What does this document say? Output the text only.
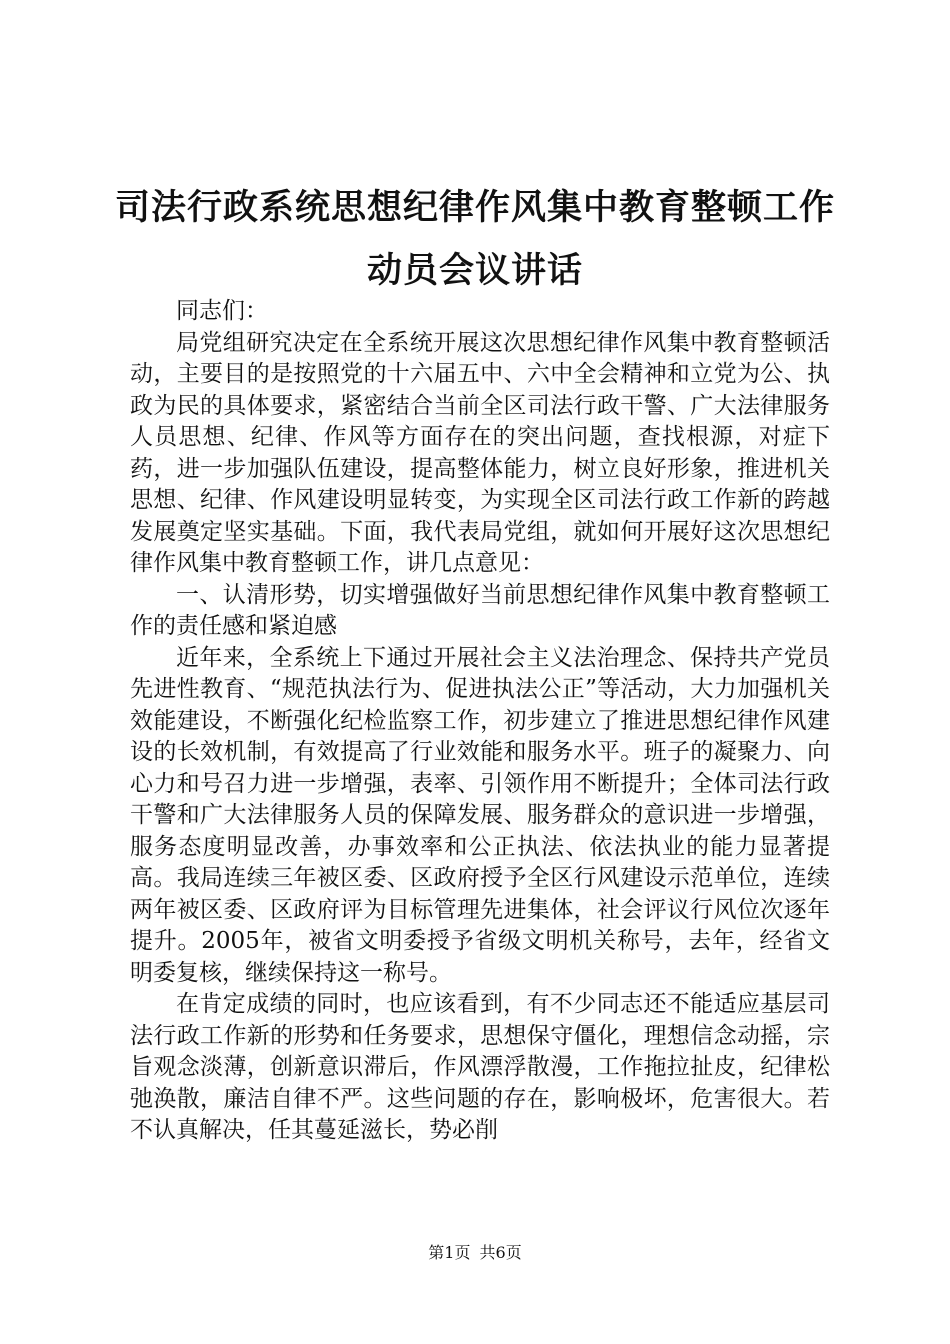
司法行政系统思想纪律作风集中教育整顿工作
动员会议讲话

同志们：

局党组研究决定在全系统开展这次思想纪律作风集中教育整顿活动，主要目的是按照党的十六届五中、六中全会精神和立党为公、执政为民的具体要求，紧密结合当前全区司法行政干警、广大法律服务人员思想、纪律、作风等方面存在的突出问题，查找根源，对症下药，进一步加强队伍建设，提高整体能力，树立良好形象，推进机关思想、纪律、作风建设明显转变，为实现全区司法行政工作新的跨越发展奠定坚实基础。下面，我代表局党组，就如何开展好这次思想纪律作风集中教育整顿工作，讲几点意见：

一、认清形势，切实增强做好当前思想纪律作风集中教育整顿工作的责任感和紧迫感

近年来，全系统上下通过开展社会主义法治理念、保持共产党员先进性教育、“规范执法行为、促进执法公正”等活动，大力加强机关效能建设，不断强化纪检监察工作，初步建立了推进思想纪律作风建设的长效机制，有效提高了行业效能和服务水平。班子的凝聚力、向心力和号召力进一步增强，表率、引领作用不断提升；全体司法行政干警和广大法律服务人员的保障发展、服务群众的意识进一步增强，服务态度明显改善，办事效率和公正执法、依法执业的能力显著提高。我局连续三年被区委、区政府授予全区行风建设示范单位，连续两年被区委、区政府评为目标管理先进集体，社会评议行风位次逐年提升。2005年，被省文明委授予省级文明机关称号，去年，经省文明委复核，继续保持这一称号。

在肯定成绩的同时，也应该看到，有不少同志还不能适应基层司法行政工作新的形势和任务要求，思想保守僵化，理想信念动摇，宗旨观念淡薄，创新意识滞后，作风漂浮散漫，工作拖拉扯皮，纪律松弛涣散，廉洁自律不严。这些问题的存在，影响极坏，危害很大。若不认真解决，任其蔓延滋长，势必削

第1页 共6页
